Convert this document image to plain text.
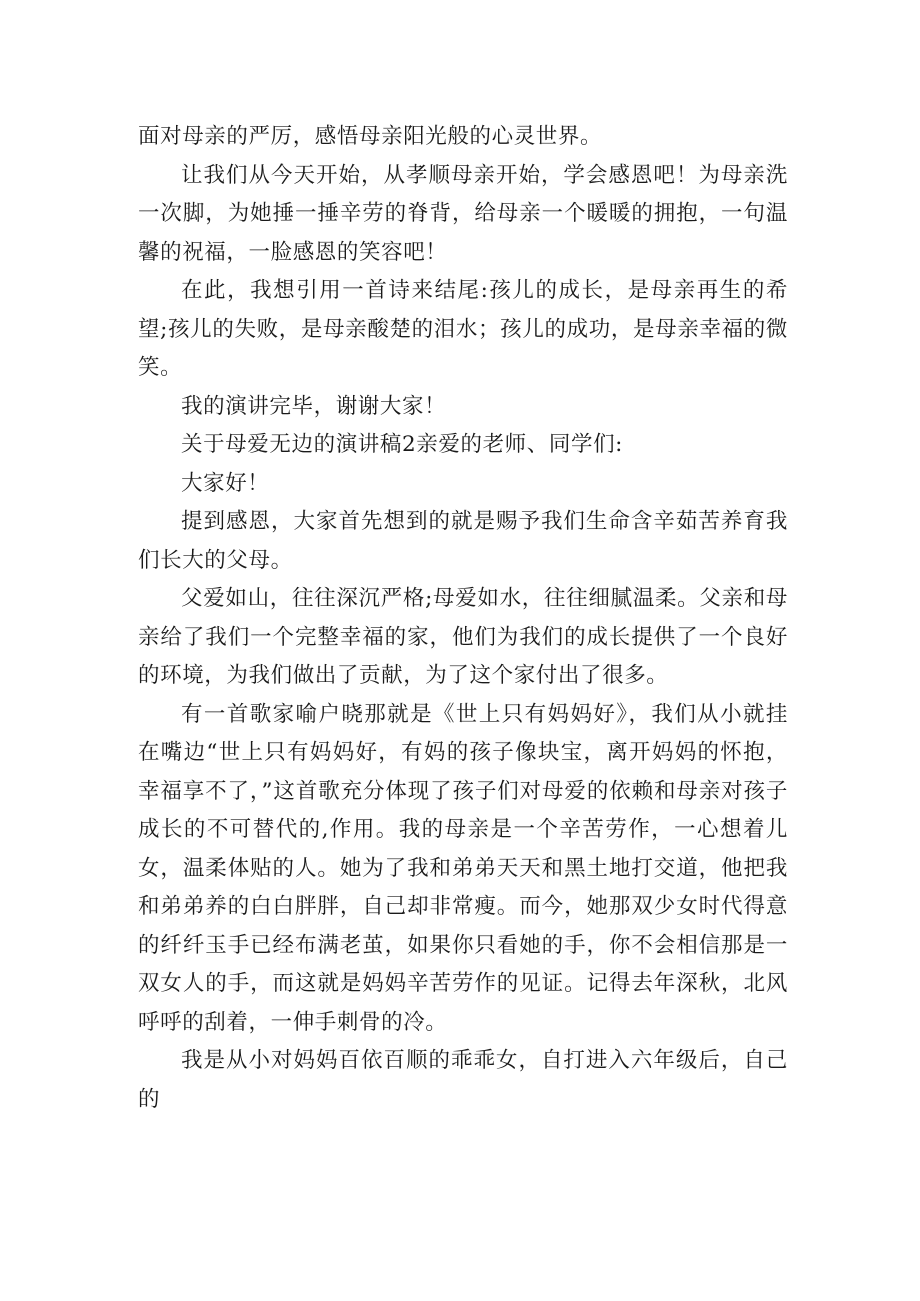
面对母亲的严厉，感悟母亲阳光般的心灵世界。

让我们从今天开始，从孝顺母亲开始，学会感恩吧！为母亲洗一次脚，为她捶一捶辛劳的脊背，给母亲一个暖暖的拥抱，一句温馨的祝福，一脸感恩的笑容吧！

在此，我想引用一首诗来结尾:孩儿的成长，是母亲再生的希望;孩儿的失败，是母亲酸楚的泪水；孩儿的成功，是母亲幸福的微笑。

我的演讲完毕，谢谢大家！

关于母爱无边的演讲稿2亲爱的老师、同学们:

大家好！

提到感恩，大家首先想到的就是赐予我们生命含辛茹苦养育我们长大的父母。

父爱如山，往往深沉严格;母爱如水，往往细腻温柔。父亲和母亲给了我们一个完整幸福的家，他们为我们的成长提供了一个良好的环境，为我们做出了贡献，为了这个家付出了很多。

有一首歌家喻户晓那就是《世上只有妈妈好》，我们从小就挂在嘴边“世上只有妈妈好，有妈的孩子像块宝，离开妈妈的怀抱，幸福享不了，”这首歌充分体现了孩子们对母爱的依赖和母亲对孩子成长的不可替代的,作用。我的母亲是一个辛苦劳作，一心想着儿女，温柔体贴的人。她为了我和弟弟天天和黑土地打交道，他把我和弟弟养的白白胖胖，自己却非常瘦。而今，她那双少女时代得意的纤纤玉手已经布满老茧，如果你只看她的手，你不会相信那是一双女人的手，而这就是妈妈辛苦劳作的见证。记得去年深秋，北风呼呼的刮着，一伸手刺骨的冷。

我是从小对妈妈百依百顺的乖乖女，自打进入六年级后，自己的
